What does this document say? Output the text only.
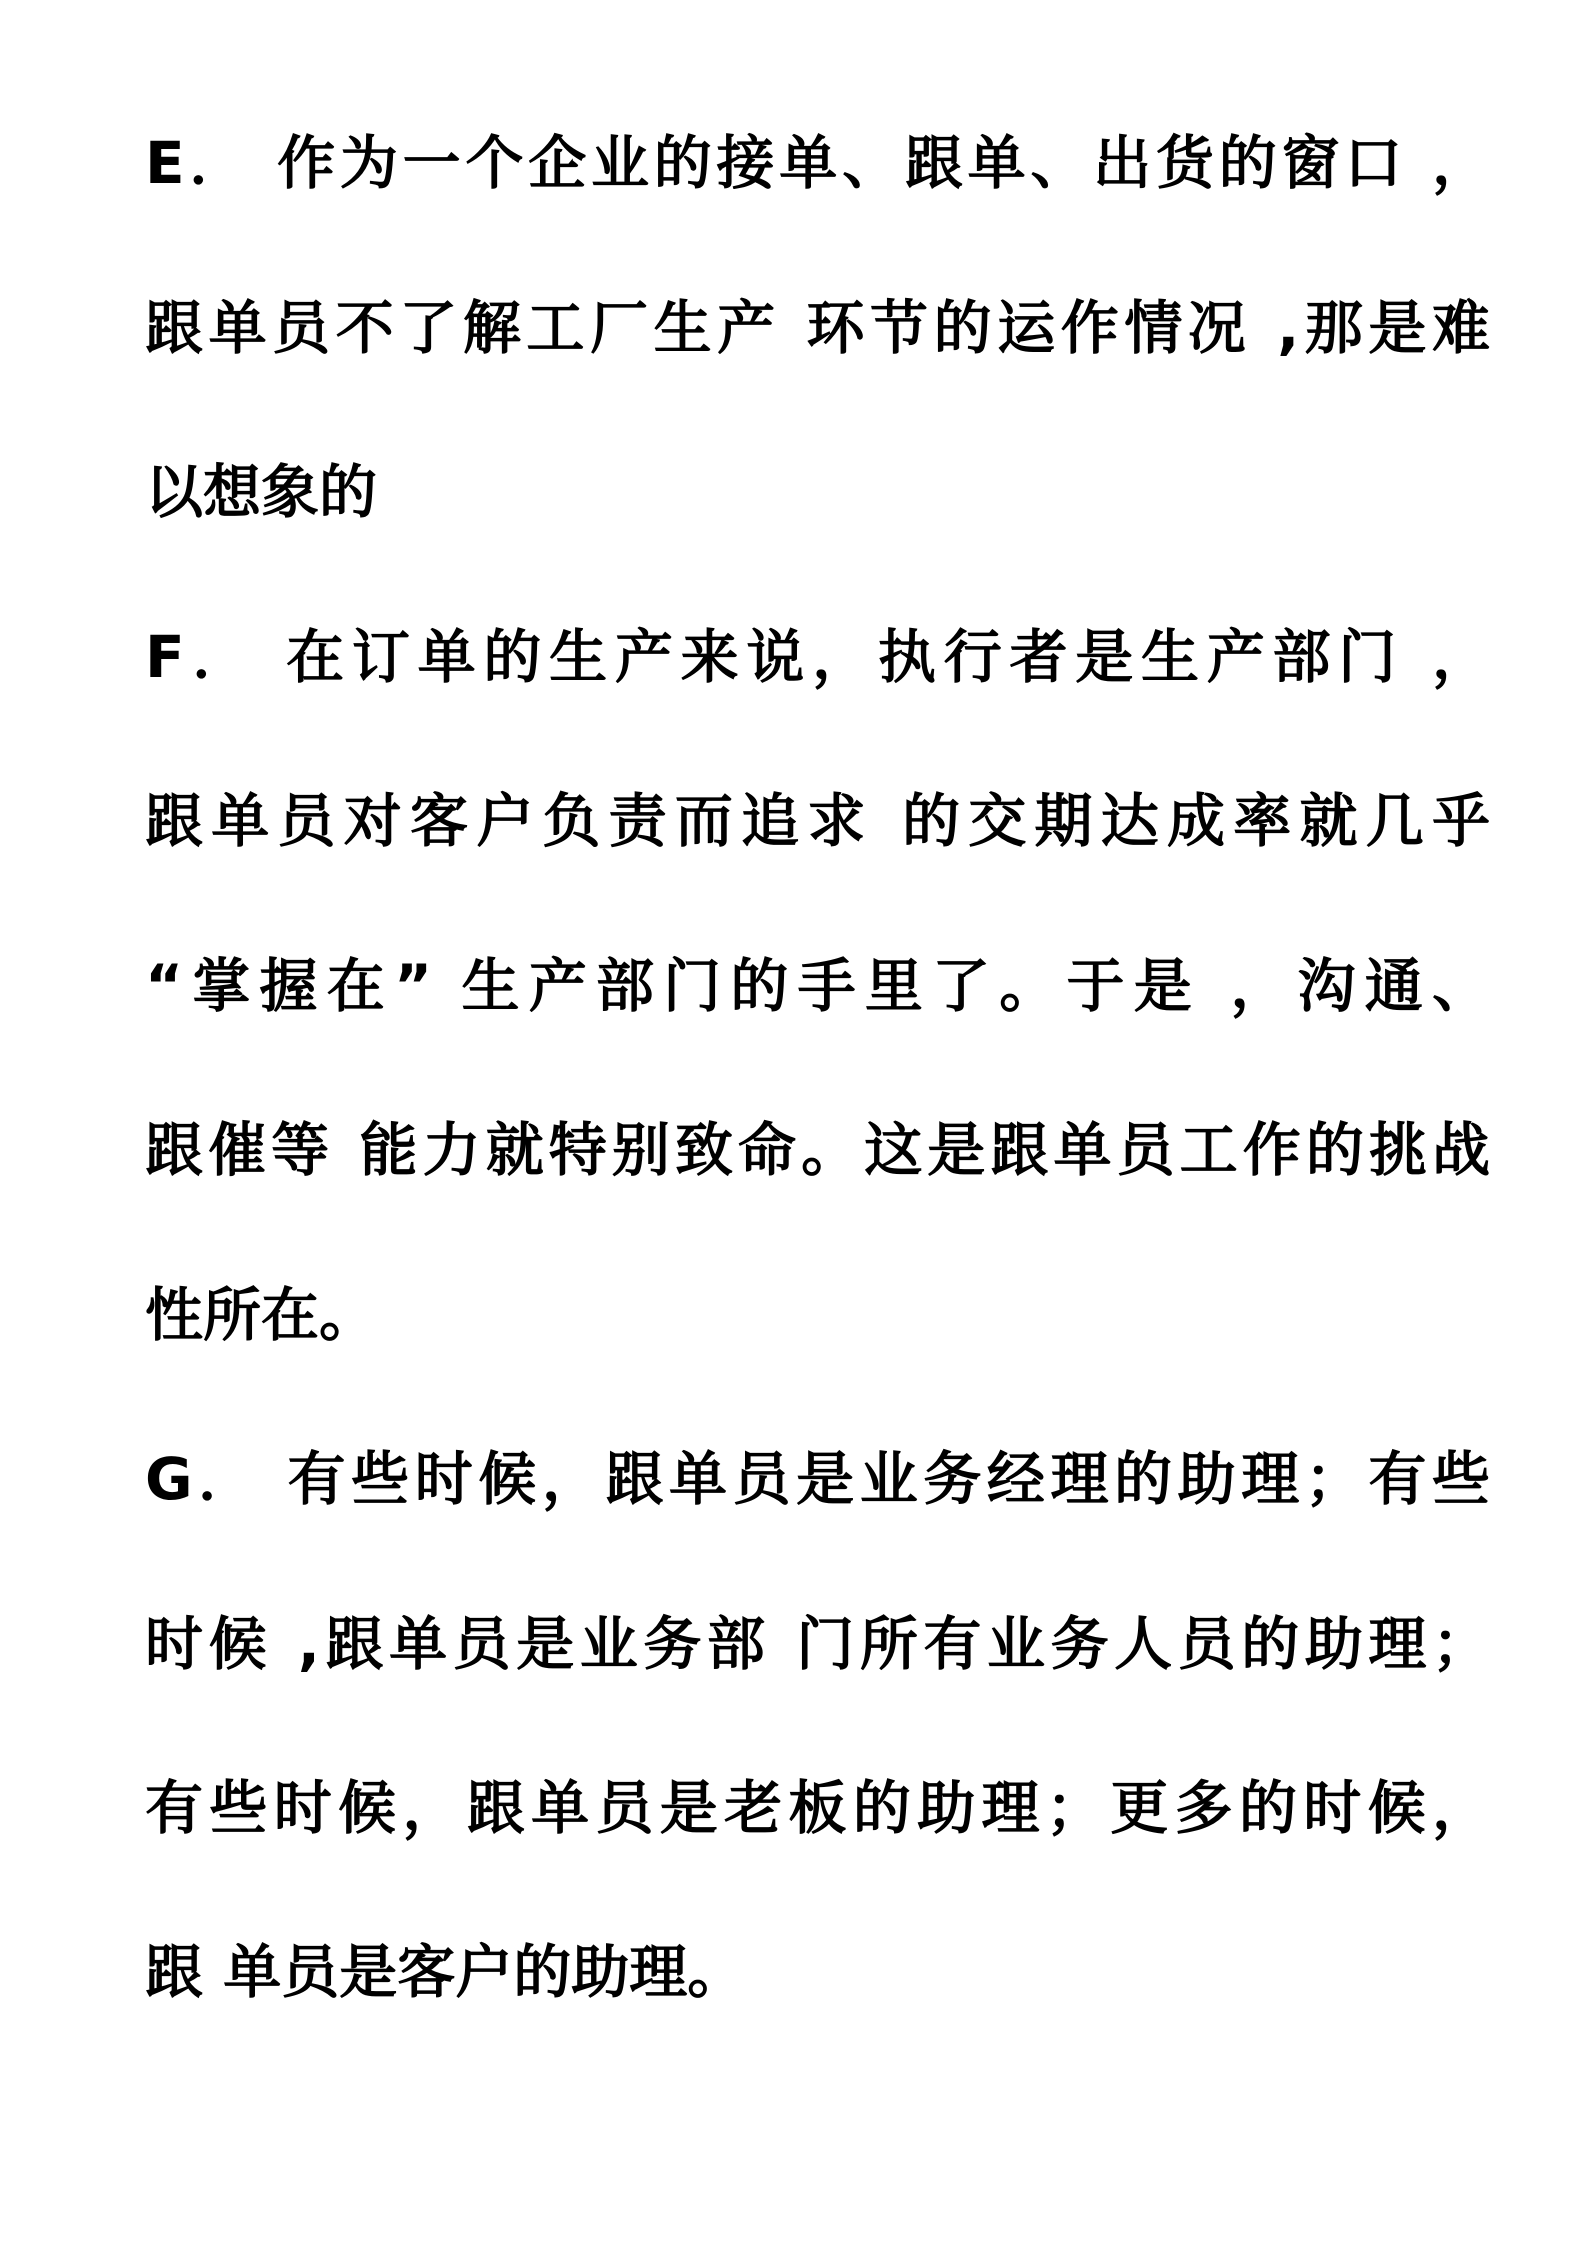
E． 作为一个企业的接单、跟单、出货的窗口 ，
跟单员不了解工厂生产 环节的运作情况 ,那是难
以想象的
F． 在订单的生产来说，执行者是生产部门 ，
跟单员对客户负责而追求 的交期达成率就几乎
“掌握在” 生产部门的手里了。于是 ，沟通、
跟催等 能力就特别致命。这是跟单员工作的挑战
性所在。
G． 有些时候，跟单员是业务经理的助理；有些
时候 ,跟单员是业务部 门所有业务人员的助理；
有些时候，跟单员是老板的助理；更多的时候，
跟 单员是客户的助理。
